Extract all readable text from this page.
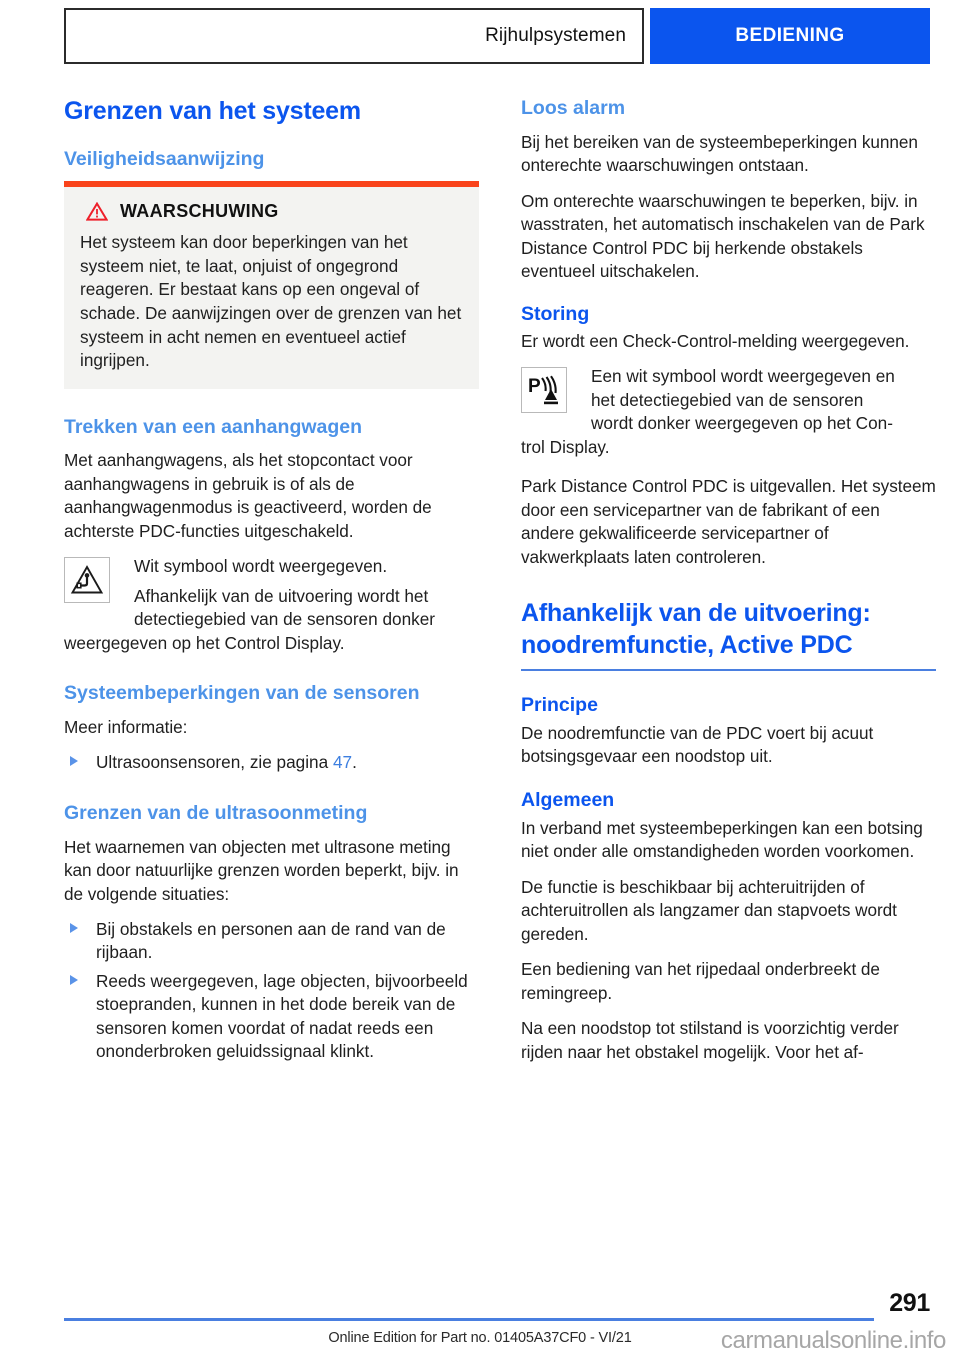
Rijhulpsystemen	BEDIENING
Grenzen van het systeem
Veiligheidsaanwijzing
WAARSCHUWING

Het systeem kan door beperkingen van het systeem niet, te laat, onjuist of ongegrond reageren. Er bestaat kans op een ongeval of schade. De aanwijzingen over de grenzen van het systeem in acht nemen en eventueel actief ingrijpen.

Trekken van een aanhangwagen

Met aanhangwagens, als het stopcontact voor aanhangwagens in gebruik is of als de aanhangwagenmodus is geactiveerd, worden de achterste PDC-functies uitgeschakeld.

Wit symbool wordt weergegeven.
Afhankelijk van de uitvoering wordt het detectiegebied van de sensoren donker
weergegeven op het Control Display.

Systeembeperkingen van de sensoren

Meer informatie:

Ultrasoonsensoren, zie pagina 47.
Grenzen van de ultrasoonmeting

Het waarnemen van objecten met ultrasone meting kan door natuurlijke grenzen worden beperkt, bijv. in de volgende situaties:

Bij obstakels en personen aan de rand van de rijbaan.
Reeds weergegeven, lage objecten, bijvoorbeeld stoepranden, kunnen in het dode bereik van de sensoren komen voordat of nadat reeds een ononderbroken geluidssignaal klinkt.
Loos alarm

Bij het bereiken van de systeembeperkingen kunnen onterechte waarschuwingen ontstaan.

Om onterechte waarschuwingen te beperken, bijv. in wasstraten, het automatisch inschakelen van de Park Distance Control PDC bij herkende obstakels eventueel uitschakelen.

Storing

Er wordt een Check-Control-melding weergegeven.

P	Een wit symbool wordt weergegeven en
het detectiegebied van de sensoren
wordt donker weergegeven op het Con-
trol Display.

Park Distance Control PDC is uitgevallen. Het systeem door een servicepartner van de fabrikant of een andere gekwalificeerde servicepartner of vakwerkplaats laten controleren.

Afhankelijk van de uitvoering: noodremfunctie, Active PDC
Principe

De noodremfunctie van de PDC voert bij acuut botsingsgevaar een noodstop uit.

Algemeen

In verband met systeembeperkingen kan een botsing niet onder alle omstandigheden worden voorkomen.

De functie is beschikbaar bij achteruitrijden of achteruitrollen als langzamer dan stapvoets wordt gereden.

Een bediening van het rijpedaal onderbreekt de remingreep.

Na een noodstop tot stilstand is voorzichtig verder rijden naar het obstakel mogelijk. Voor het af-

291
Online Edition for Part no. 01405A37CF0 - VI/21	carmanualsonline.info
